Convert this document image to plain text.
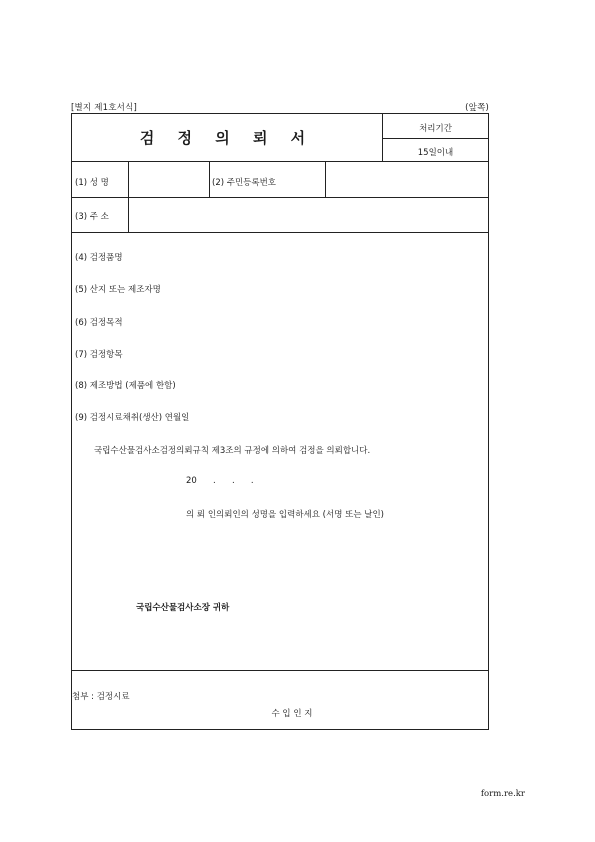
[별지 제1호서식]	(앞쪽)
검 정 의 뢰 서	처리기간
15일이내
(1) 성 명	(2) 주민등록번호
(3) 주 소
(4) 검정품명
(5) 산지 또는 제조자명
(6) 검정목적
(7) 검정항목
(8) 제조방법 (제품에 한함)
(9) 검정시료채취(생산) 연월일
국립수산물검사소검정의뢰규칙 제3조의 규정에 의하여 검정을 의뢰합니다.
20      .      .      .
의 뢰 인의뢰인의 성명을 입력하세요 (서명 또는 날인)
국립수산물검사소장 귀하
첨부 : 검정시료
수 입 인 지
form.re.kr
